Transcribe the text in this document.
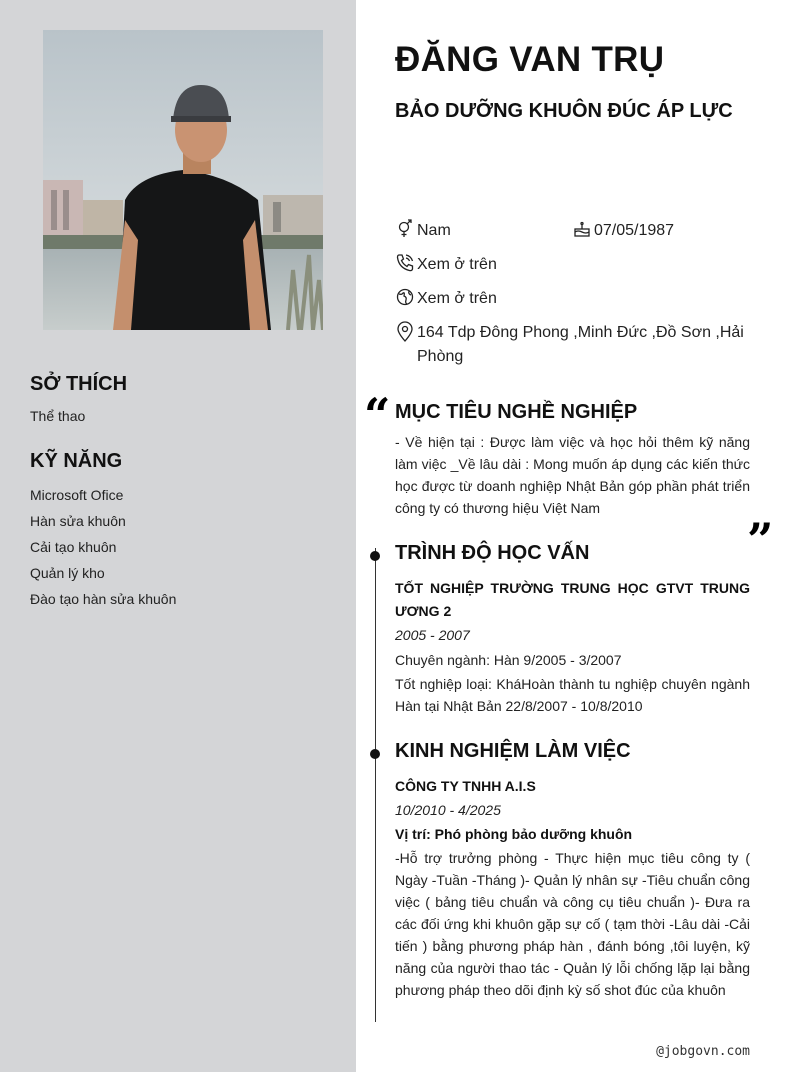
SỞ THÍCH
Thể thao
KỸ NĂNG
Microsoft Ofice
Hàn sửa khuôn
Cải tạo khuôn
Quản lý kho
Đào tạo hàn sửa khuôn
ĐĂNG VAN TRỤ
BẢO DƯỠNG KHUÔN ĐÚC ÁP LỰC
Nam	07/05/1987
Xem ở trên
Xem ở trên
164 Tdp Đông Phong ,Minh Đức ,Đồ Sơn ,Hải Phòng
“
”
MỤC TIÊU NGHỀ NGHIỆP
- Về hiện tại : Được làm việc và học hỏi thêm kỹ năng làm việc _Về lâu dài : Mong muốn áp dụng các kiến thức học được từ doanh nghiệp Nhật Bản góp phần phát triển công ty có thương hiệu Việt Nam
TRÌNH ĐỘ HỌC VẤN
TỐT NGHIỆP TRƯỜNG TRUNG HỌC GTVT TRUNG ƯƠNG 2
2005 - 2007
Chuyên ngành: Hàn 9/2005 - 3/2007
Tốt nghiệp loại: KháHoàn thành tu nghiệp chuyên ngành Hàn tại Nhật Bản 22/8/2007 - 10/8/2010
KINH NGHIỆM LÀM VIỆC
CÔNG TY TNHH A.I.S
10/2010 - 4/2025
Vị trí: Phó phòng bảo dưỡng khuôn
-Hỗ trợ trưởng phòng - Thực hiện mục tiêu công ty ( Ngày -Tuần -Tháng )- Quản lý nhân sự -Tiêu chuẩn công việc ( bảng tiêu chuẩn và công cụ tiêu chuẩn )- Đưa ra các đối ứng khi khuôn gặp sự cố ( tạm thời -Lâu dài -Cải tiến ) bằng phương pháp hàn , đánh bóng ,tôi luyện, kỹ năng của người thao tác - Quản lý lỗi chống lặp lại bằng phương pháp theo dõi định kỳ số shot đúc của khuôn
@jobgovn.com
